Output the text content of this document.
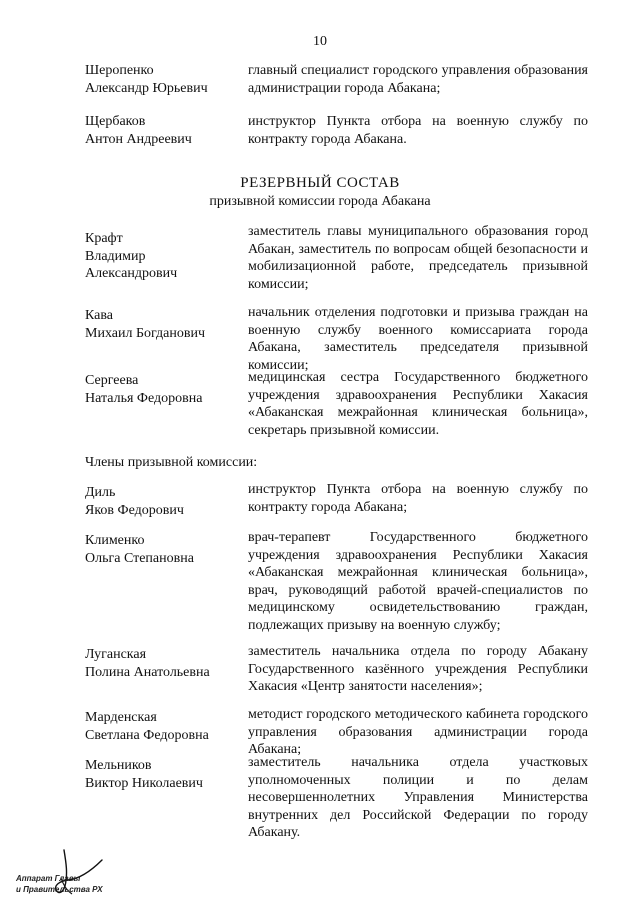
10
Шеропенко
Александр Юрьевич
главный специалист городского управления образования администрации города Абакана;
Щербаков
Антон Андреевич
инструктор Пункта отбора на военную службу по контракту города Абакана.
РЕЗЕРВНЫЙ СОСТАВ
призывной комиссии города Абакана
Крафт
Владимир
Александрович
заместитель главы муниципального образования город Абакан, заместитель по вопросам общей безопасности и мобилизационной работе, председатель призывной комиссии;
Кава
Михаил Богданович
начальник отделения подготовки и призыва граждан на военную службу военного комиссариата города Абакана, заместитель председателя призывной комиссии;
Сергеева
Наталья Федоровна
медицинская сестра Государственного бюджетного учреждения здравоохранения Республики Хакасия «Абаканская межрайонная клиническая больница», секретарь призывной комиссии.
Члены призывной комиссии:
Диль
Яков Федорович
инструктор Пункта отбора на военную службу по контракту города Абакана;
Клименко
Ольга Степановна
врач-терапевт Государственного бюджетного учреждения здравоохранения Республики Хакасия «Абаканская межрайонная клиническая больница», врач, руководящий работой врачей-специалистов по медицинскому освидетельствованию граждан, подлежащих призыву на военную службу;
Луганская
Полина Анатольевна
заместитель начальника отдела по городу Абакану Государственного казённого учреждения Республики Хакасия «Центр занятости населения»;
Марденская
Светлана Федоровна
методист городского методического кабинета городского управления образования администрации города Абакана;
Мельников
Виктор Николаевич
заместитель начальника отдела участковых уполномоченных полиции и по делам несовершеннолетних Управления Министерства внутренних дел Российской Федерации по городу Абакану.
Аппарат Главы
и Правительства РХ
